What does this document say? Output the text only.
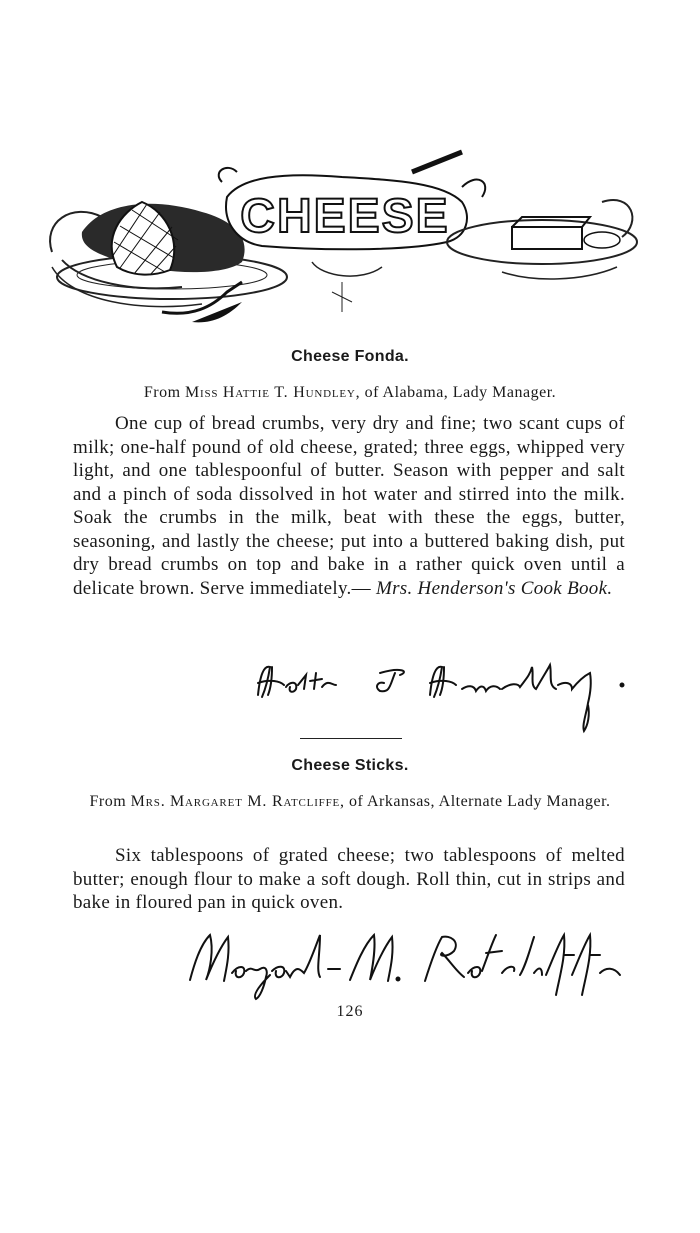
CHEESE
Cheese Fonda.
From Miss Hattie T. Hundley, of Alabama, Lady Manager.
One cup of bread crumbs, very dry and fine; two scant cups of milk; one-half pound of old cheese, grated; three eggs, whipped very light, and one tablespoonful of butter. Season with pepper and salt and a pinch of soda dissolved in hot water and stirred into the milk. Soak the crumbs in the milk, beat with these the eggs, butter, seasoning, and lastly the cheese; put into a buttered baking dish, put dry bread crumbs on top and bake in a rather quick oven until a delicate brown. Serve immediately.— Mrs. Henderson's Cook Book.
Cheese Sticks.
From Mrs. Margaret M. Ratcliffe, of Arkansas, Alternate Lady Manager.
Six tablespoons of grated cheese; two tablespoons of melted butter; enough flour to make a soft dough. Roll thin, cut in strips and bake in floured pan in quick oven.
126
